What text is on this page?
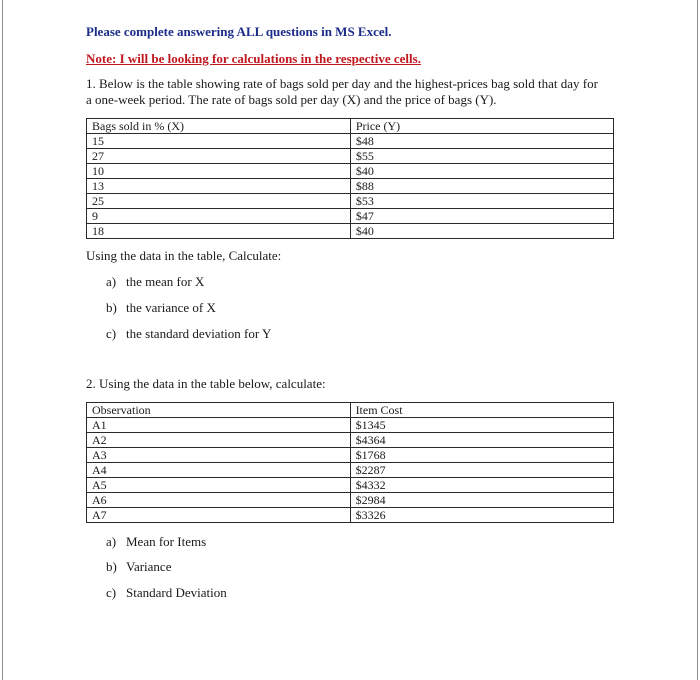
Please complete answering ALL questions in MS Excel.
Note: I will be looking for calculations in the respective cells.
1. Below is the table showing rate of bags sold per day and the highest-prices bag sold that day for a one-week period. The rate of bags sold per day (X) and the price of bags (Y).
Bags sold in % (X)	Price (Y)
15	$48
27	$55
10	$40
13	$88
25	$53
9	$47
18	$40
Using the data in the table, Calculate:
a) the mean for X
b) the variance of X
c) the standard deviation for Y
2. Using the data in the table below, calculate:
Observation	Item Cost
A1	$1345
A2	$4364
A3	$1768
A4	$2287
A5	$4332
A6	$2984
A7	$3326
a) Mean for Items
b) Variance
c) Standard Deviation
